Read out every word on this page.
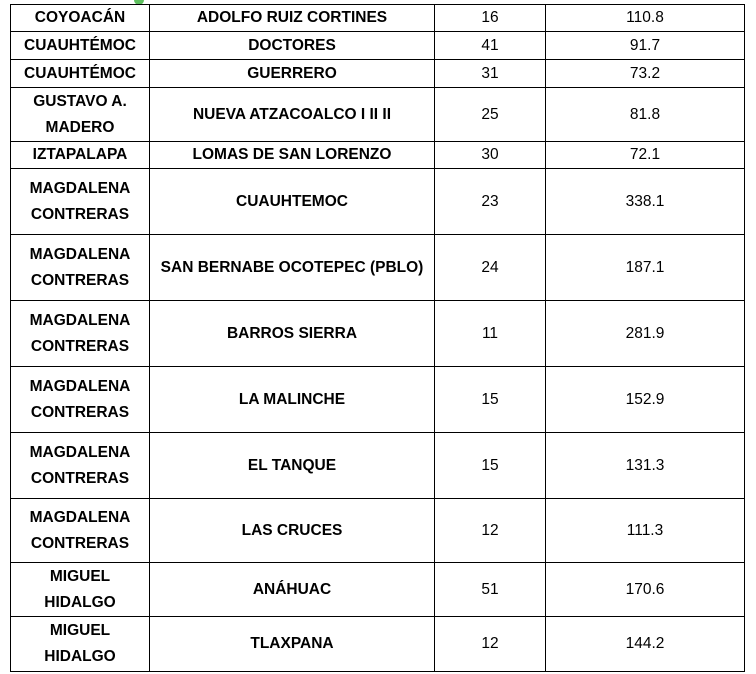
COYOACÁN	ADOLFO RUIZ CORTINES	16	110.8
CUAUHTÉMOC	DOCTORES	41	91.7
CUAUHTÉMOC	GUERRERO	31	73.2
GUSTAVO A. MADERO	NUEVA ATZACOALCO I II II	25	81.8
IZTAPALAPA	LOMAS DE SAN LORENZO	30	72.1
MAGDALENA CONTRERAS	CUAUHTEMOC	23	338.1
MAGDALENA CONTRERAS	SAN BERNABE OCOTEPEC (PBLO)	24	187.1
MAGDALENA CONTRERAS	BARROS SIERRA	11	281.9
MAGDALENA CONTRERAS	LA MALINCHE	15	152.9
MAGDALENA CONTRERAS	EL TANQUE	15	131.3
MAGDALENA CONTRERAS	LAS CRUCES	12	111.3
MIGUEL HIDALGO	ANÁHUAC	51	170.6
MIGUEL HIDALGO	TLAXPANA	12	144.2
